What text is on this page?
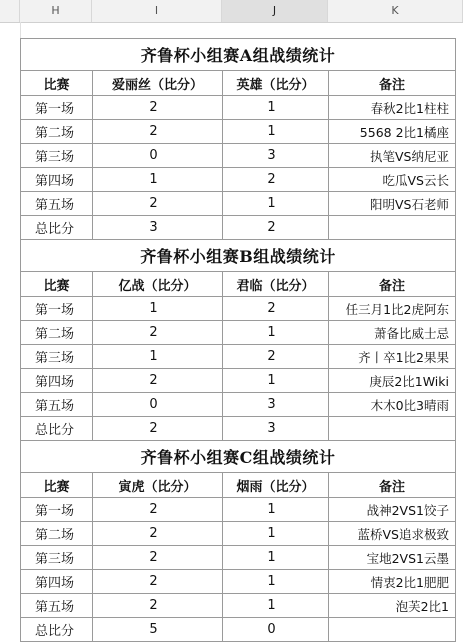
H	I	J	K
齐鲁杯小组赛A组战绩统计			
比赛	爱丽丝（比分）	英雄（比分）	备注
第一场	2	1	春秋2比1柱柱
第二场	2	1	5568 2比1橘座
第三场	0	3	执笔VS纳尼亚
第四场	1	2	吃瓜VS云长
第五场	2	1	阳明VS石老师
总比分	3	2	
齐鲁杯小组赛B组战绩统计			
比赛	亿战（比分）	君临（比分）	备注
第一场	1	2	任三月1比2虎阿东
第二场	2	1	萧备比威士忌
第三场	1	2	齐丨卒1比2果果
第四场	2	1	庚辰2比1Wiki
第五场	0	3	木木0比3晴雨
总比分	2	3	
齐鲁杯小组赛C组战绩统计			
比赛	寅虎（比分）	烟雨（比分）	备注
第一场	2	1	战神2VS1饺子
第二场	2	1	蓝桥VS追求极致
第三场	2	1	宝地2VS1云墨
第四场	2	1	情衷2比1肥肥
第五场	2	1	泡芙2比1
总比分	5	0	
